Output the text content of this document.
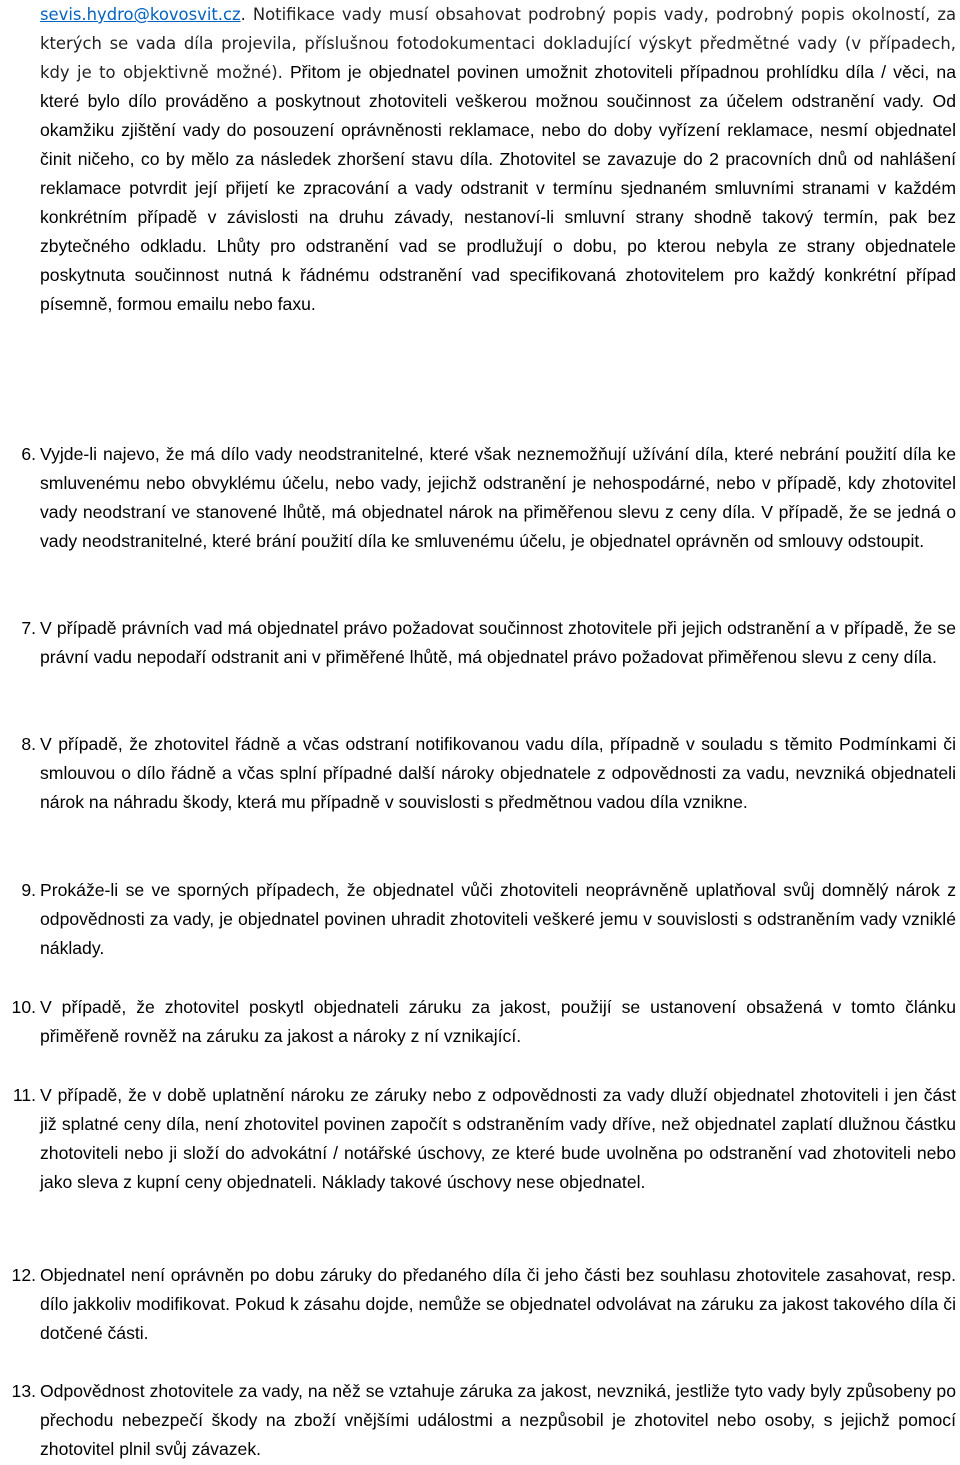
sevis.hydro@kovosvit.cz. Notifikace vady musí obsahovat podrobný popis vady, podrobný popis okolností, za kterých se vada díla projevila, příslušnou fotodokumentaci dokladující výskyt předmětné vady (v případech, kdy je to objektivně možné). Přitom je objednatel povinen umožnit zhotoviteli případnou prohlídku díla / věci, na které bylo dílo prováděno a poskytnout zhotoviteli veškerou možnou součinnost za účelem odstranění vady. Od okamžiku zjištění vady do posouzení oprávněnosti reklamace, nebo do doby vyřízení reklamace, nesmí objednatel činit ničeho, co by mělo za následek zhoršení stavu díla. Zhotovitel se zavazuje do 2 pracovních dnů od nahlášení reklamace potvrdit její přijetí ke zpracování a vady odstranit v termínu sjednaném smluvními stranami v každém konkrétním případě v závislosti na druhu závady, nestanoví-li smluvní strany shodně takový termín, pak bez zbytečného odkladu. Lhůty pro odstranění vad se prodlužují o dobu, po kterou nebyla ze strany objednatele poskytnuta součinnost nutná k řádnému odstranění vad specifikovaná zhotovitelem pro každý konkrétní případ písemně, formou emailu nebo faxu.

6. Vyjde-li najevo, že má dílo vady neodstranitelné, které však neznemožňují užívání díla, které nebrání použití díla ke smluvenému nebo obvyklému účelu, nebo vady, jejichž odstranění je nehospodárné, nebo v případě, kdy zhotovitel vady neodstraní ve stanovené lhůtě, má objednatel nárok na přiměřenou slevu z ceny díla. V případě, že se jedná o vady neodstranitelné, které brání použití díla ke smluvenému účelu, je objednatel oprávněn od smlouvy odstoupit.

7. V případě právních vad má objednatel právo požadovat součinnost zhotovitele při jejich odstranění a v případě, že se právní vadu nepodaří odstranit ani v přiměřené lhůtě, má objednatel právo požadovat přiměřenou slevu z ceny díla.

8. V případě, že zhotovitel řádně a včas odstraní notifikovanou vadu díla, případně v souladu s těmito Podmínkami či smlouvou o dílo řádně a včas splní případné další nároky objednatele z odpovědnosti za vadu, nevzniká objednateli nárok na náhradu škody, která mu případně v souvislosti s předmětnou vadou díla vznikne.

9. Prokáže-li se ve sporných případech, že objednatel vůči zhotoviteli neoprávněně uplatňoval svůj domnělý nárok z odpovědnosti za vady, je objednatel povinen uhradit zhotoviteli veškeré jemu v souvislosti s odstraněním vady vzniklé náklady.

10. V případě, že zhotovitel poskytl objednateli záruku za jakost, použijí se ustanovení obsažená v tomto článku přiměřeně rovněž na záruku za jakost a nároky z ní vznikající.

11. V případě, že v době uplatnění nároku ze záruky nebo z odpovědnosti za vady dluží objednatel zhotoviteli i jen část již splatné ceny díla, není zhotovitel povinen započít s odstraněním vady dříve, než objednatel zaplatí dlužnou částku zhotoviteli nebo ji složí do advokátní / notářské úschovy, ze které bude uvolněna po odstranění vad zhotoviteli nebo jako sleva z kupní ceny objednateli. Náklady takové úschovy nese objednatel.

12. Objednatel není oprávněn po dobu záruky do předaného díla či jeho části bez souhlasu zhotovitele zasahovat, resp. dílo jakkoliv modifikovat. Pokud k zásahu dojde, nemůže se objednatel odvolávat na záruku za jakost takového díla či dotčené části.

13. Odpovědnost zhotovitele za vady, na něž se vztahuje záruka za jakost, nevzniká, jestliže tyto vady byly způsobeny po přechodu nebezpečí škody na zboží vnějšími událostmi a nezpůsobil je zhotovitel nebo osoby, s jejichž pomocí zhotovitel plnil svůj závazek.
